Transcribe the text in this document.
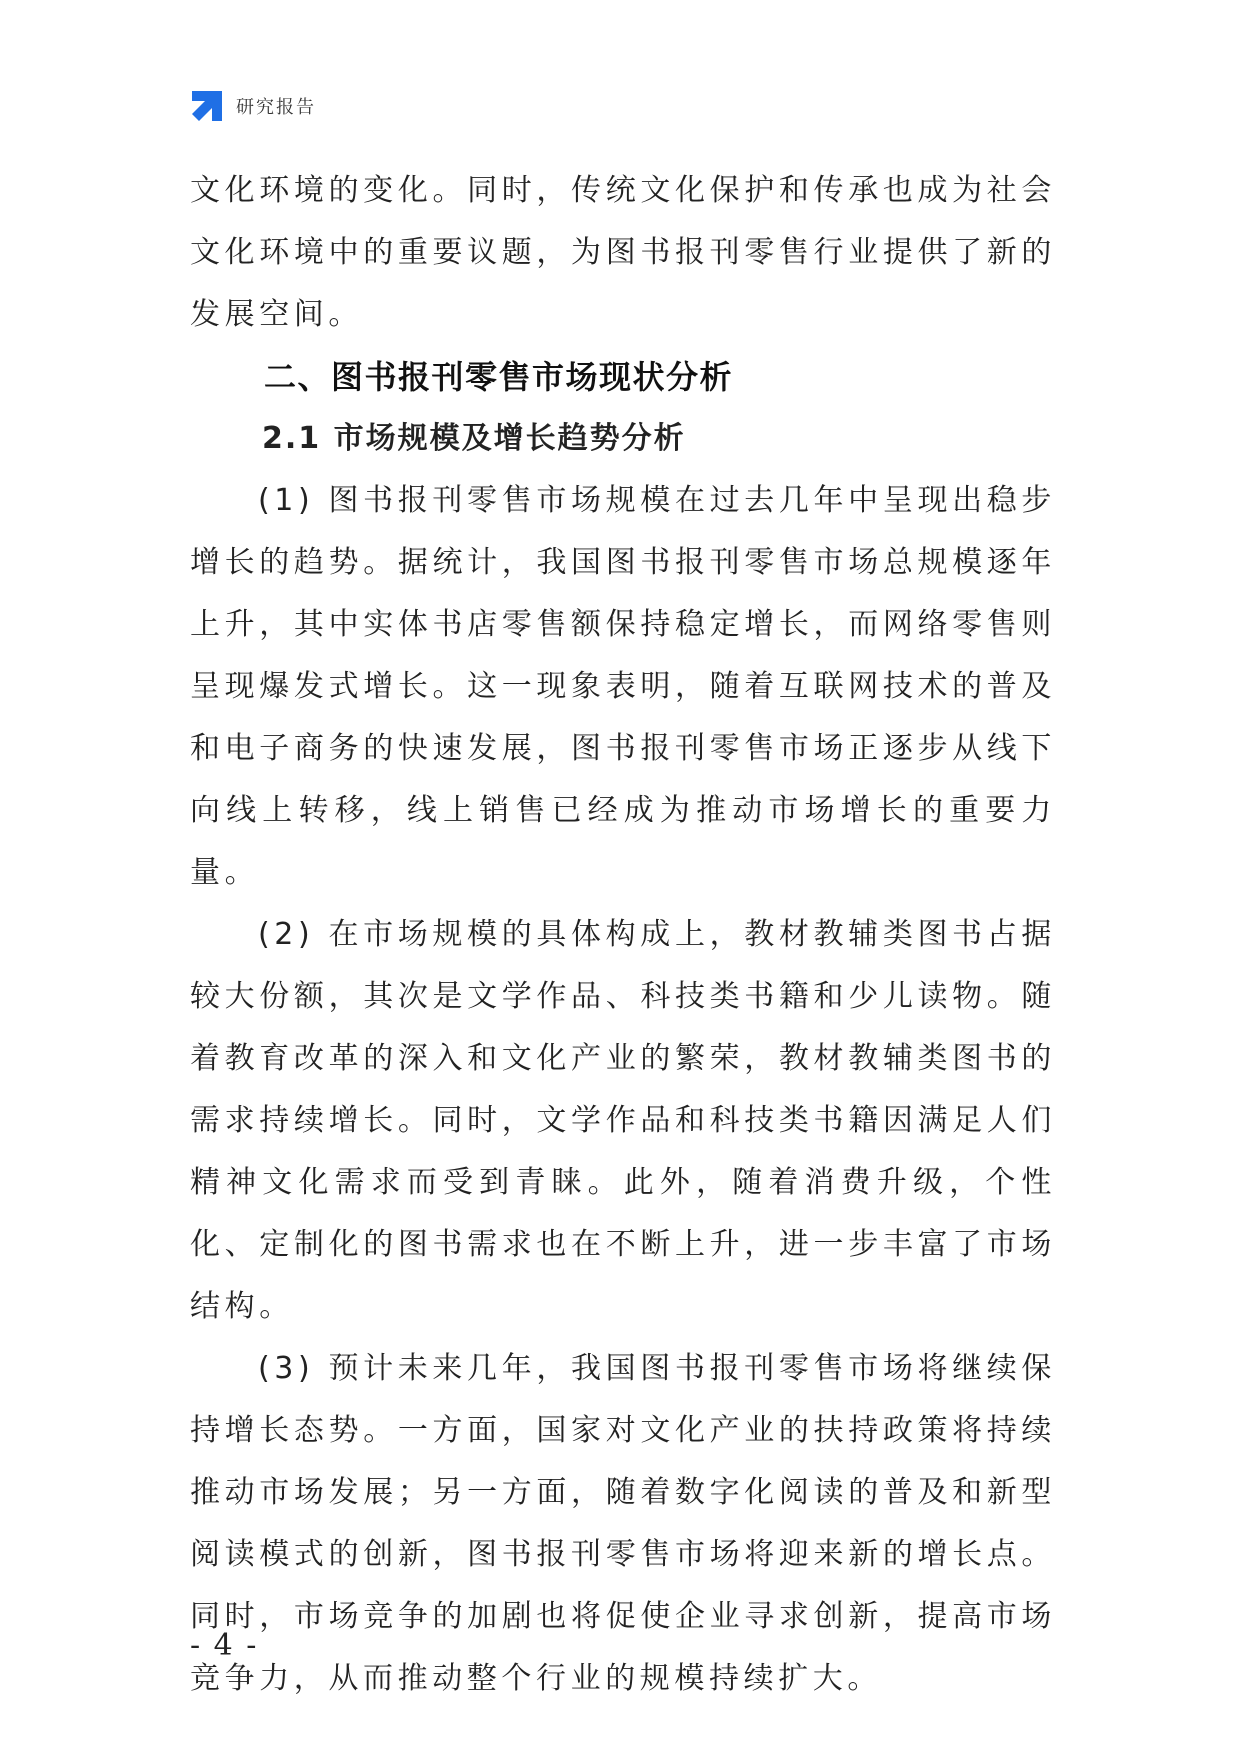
研究报告

文化环境的变化。同时，传统文化保护和传承也成为社会文化环境中的重要议题，为图书报刊零售行业提供了新的发展空间。

二、图书报刊零售市场现状分析
2.1 市场规模及增长趋势分析

(1) 图书报刊零售市场规模在过去几年中呈现出稳步增长的趋势。据统计，我国图书报刊零售市场总规模逐年上升，其中实体书店零售额保持稳定增长，而网络零售则呈现爆发式增长。这一现象表明，随着互联网技术的普及和电子商务的快速发展，图书报刊零售市场正逐步从线下向线上转移，线上销售已经成为推动市场增长的重要力量。

(2) 在市场规模的具体构成上，教材教辅类图书占据较大份额，其次是文学作品、科技类书籍和少儿读物。随着教育改革的深入和文化产业的繁荣，教材教辅类图书的需求持续增长。同时，文学作品和科技类书籍因满足人们精神文化需求而受到青睐。此外，随着消费升级，个性化、定制化的图书需求也在不断上升，进一步丰富了市场结构。

(3) 预计未来几年，我国图书报刊零售市场将继续保持增长态势。一方面，国家对文化产业的扶持政策将持续推动市场发展；另一方面，随着数字化阅读的普及和新型阅读模式的创新，图书报刊零售市场将迎来新的增长点。同时，市场竞争的加剧也将促使企业寻求创新，提高市场竞争力，从而推动整个行业的规模持续扩大。

- 4 -
